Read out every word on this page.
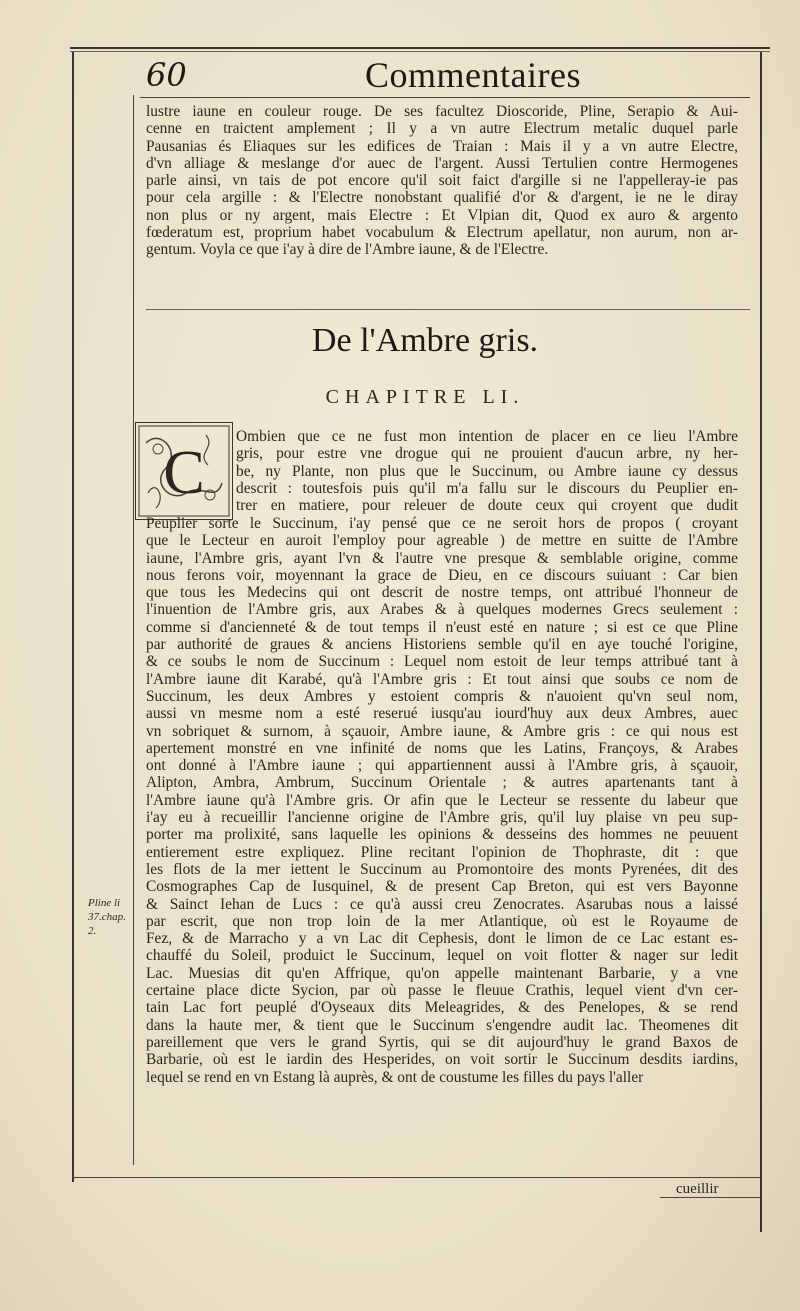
60	Commentaires
lustre iaune en couleur rouge. De ses facultez Dioscoride, Pline, Serapio & Aui-
cenne en traictent amplement ; Il y a vn autre Electrum metalic duquel parle
Pausanias és Eliaques sur les edifices de Traian : Mais il y a vn autre Electre,
d'vn alliage & meslange d'or auec de l'argent. Aussi Tertulien contre Hermogenes
parle ainsi, vn tais de pot encore qu'il soit faict d'argille si ne l'appelleray-ie pas
pour cela argille : & l'Electre nonobstant qualifié d'or & d'argent, ie ne le diray
non plus or ny argent, mais Electre : Et Vlpian dit, Quod ex auro & argento
fœderatum est, proprium habet vocabulum & Electrum apellatur, non aurum, non ar-
gentum. Voyla ce que i'ay à dire de l'Ambre iaune, & de l'Electre.
De l'Ambre gris.
CHAPITRE LI.
C
Ombien que ce ne fust mon intention de placer en ce lieu l'Ambre
gris, pour estre vne drogue qui ne prouient d'aucun arbre, ny her-
be, ny Plante, non plus que le Succinum, ou Ambre iaune cy dessus
descrit : toutesfois puis qu'il m'a fallu sur le discours du Peuplier en-
trer en matiere, pour releuer de doute ceux qui croyent que dudit
Peuplier sorte le Succinum, i'ay pensé que ce ne seroit hors de propos ( croyant
que le Lecteur en auroit l'employ pour agreable ) de mettre en suitte de l'Ambre
iaune, l'Ambre gris, ayant l'vn & l'autre vne presque & semblable origine, comme
nous ferons voir, moyennant la grace de Dieu, en ce discours suiuant : Car bien
que tous les Medecins qui ont descrit de nostre temps, ont attribué l'honneur de
l'inuention de l'Ambre gris, aux Arabes & à quelques modernes Grecs seulement :
comme si d'ancienneté & de tout temps il n'eust esté en nature ; si est ce que Pline
par authorité de graues & anciens Historiens semble qu'il en aye touché l'origine,
& ce soubs le nom de Succinum : Lequel nom estoit de leur temps attribué tant à
l'Ambre iaune dit Karabé, qu'à l'Ambre gris : Et tout ainsi que soubs ce nom de
Succinum, les deux Ambres y estoient compris & n'auoient qu'vn seul nom,
aussi vn mesme nom a esté reserué iusqu'au iourd'huy aux deux Ambres, auec
vn sobriquet & surnom, à sçauoir, Ambre iaune, & Ambre gris : ce qui nous est
apertement monstré en vne infinité de noms que les Latins, Françoys, & Arabes
ont donné à l'Ambre iaune ; qui appartiennent aussi à l'Ambre gris, à sçauoir,
Alipton, Ambra, Ambrum, Succinum Orientale ; & autres apartenants tant à
l'Ambre iaune qu'à l'Ambre gris. Or afin que le Lecteur se ressente du labeur que
i'ay eu à recueillir l'ancienne origine de l'Ambre gris, qu'il luy plaise vn peu sup-
porter ma prolixité, sans laquelle les opinions & desseins des hommes ne peuuent
entierement estre expliquez. Pline recitant l'opinion de Thophraste, dit : que
les flots de la mer iettent le Succinum au Promontoire des monts Pyrenées, dit des
Cosmographes Cap de Iusquinel, & de present Cap Breton, qui est vers Bayonne
& Sainct Iehan de Lucs : ce qu'à aussi creu Zenocrates. Asarubas nous a laissé
par escrit, que non trop loin de la mer Atlantique, où est le Royaume de
Fez, & de Marracho y a vn Lac dit Cephesis, dont le limon de ce Lac estant es-
chauffé du Soleil, produict le Succinum, lequel on voit flotter & nager sur ledit
Lac. Muesias dit qu'en Affrique, qu'on appelle maintenant Barbarie, y a vne
certaine place dicte Sycion, par où passe le fleuue Crathis, lequel vient d'vn cer-
tain Lac fort peuplé d'Oyseaux dits Meleagrides, & des Penelopes, & se rend
dans la haute mer, & tient que le Succinum s'engendre audit lac. Theomenes dit
pareillement que vers le grand Syrtis, qui se dit aujourd'huy le grand Baxos de
Barbarie, où est le iardin des Hesperides, on voit sortir le Succinum desdits iardins,
lequel se rend en vn Estang là auprès, & ont de coustume les filles du pays l'aller
Pline li
37.chap.
2.
cueillir
